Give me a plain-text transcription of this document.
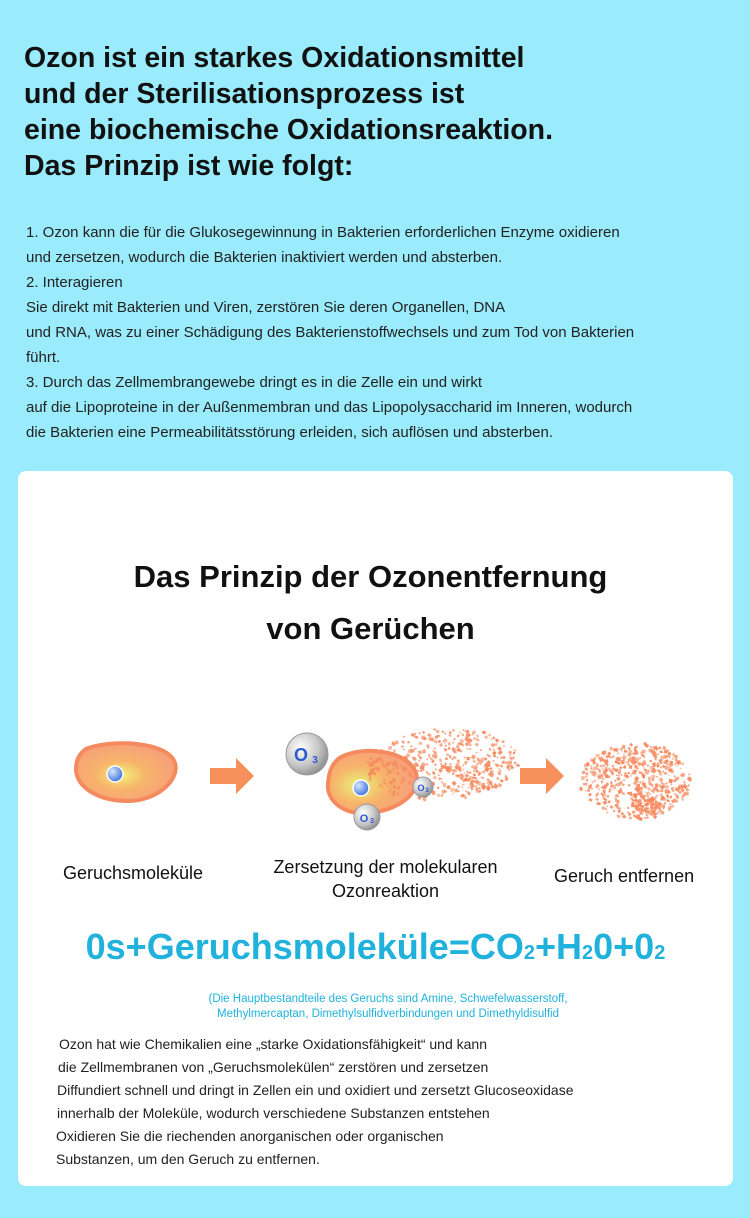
Ozon ist ein starkes Oxidationsmittel
und der Sterilisationsprozess ist
eine biochemische Oxidationsreaktion.
Das Prinzip ist wie folgt:
1. Ozon kann die für die Glukosegewinnung in Bakterien erforderlichen Enzyme oxidieren
und zersetzen, wodurch die Bakterien inaktiviert werden und absterben.
2. Interagieren
Sie direkt mit Bakterien und Viren, zerstören Sie deren Organellen, DNA
und RNA, was zu einer Schädigung des Bakterienstoffwechsels und zum Tod von Bakterien
führt.
3. Durch das Zellmembrangewebe dringt es in die Zelle ein und wirkt
auf die Lipoproteine in der Außenmembran und das Lipopolysaccharid im Inneren, wodurch
die Bakterien eine Permeabilitätsstörung erleiden, sich auflösen und absterben.
Das Prinzip der Ozonentfernung
von Gerüchen
O 3
O 3
O 3
Geruchsmoleküle	Zersetzung der molekularen
Ozonreaktion
Geruch entfernen
0s+Geruchsmoleküle=CO2+H20+02
(Die Hauptbestandteile des Geruchs sind Amine, Schwefelwasserstoff,
Methylmercaptan, Dimethylsulfidverbindungen und Dimethyldisulfid
Ozon hat wie Chemikalien eine „starke Oxidationsfähigkeit“ und kann
die Zellmembranen von „Geruchsmolekülen“ zerstören und zersetzen
Diffundiert schnell und dringt in Zellen ein und oxidiert und zersetzt Glucoseoxidase
innerhalb der Moleküle, wodurch verschiedene Substanzen entstehen
Oxidieren Sie die riechenden anorganischen oder organischen
Substanzen, um den Geruch zu entfernen.
